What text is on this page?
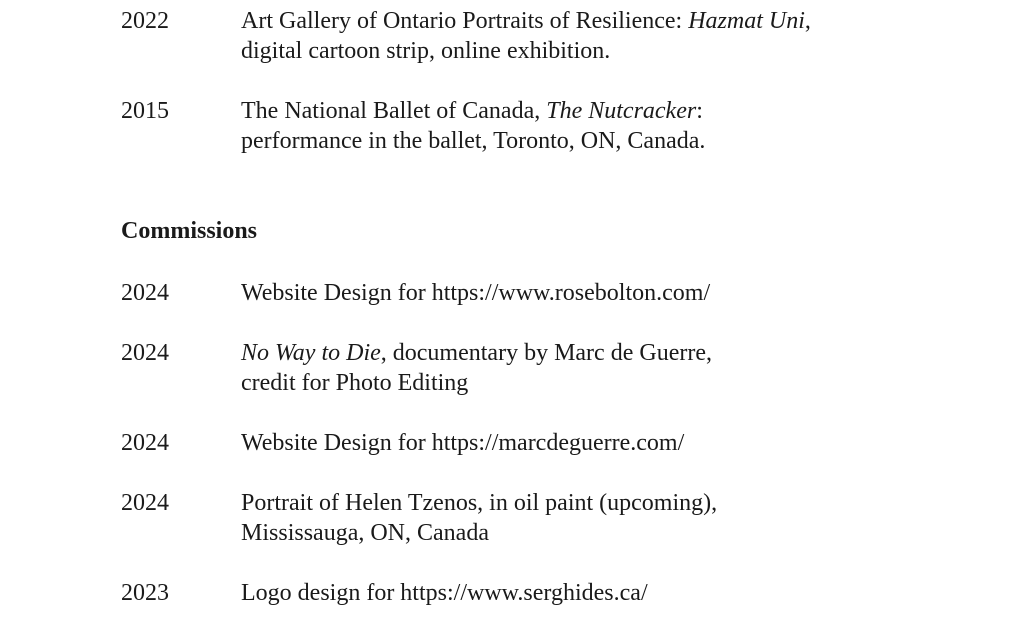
2022	Art Gallery of Ontario Portraits of Resilience: Hazmat Uni,
digital cartoon strip, online exhibition.
2015	The National Ballet of Canada, The Nutcracker:
performance in the ballet, Toronto, ON, Canada.
Commissions
2024	Website Design for https://www.rosebolton.com/
2024	No Way to Die, documentary by Marc de Guerre,
credit for Photo Editing
2024	Website Design for https://marcdeguerre.com/
2024	Portrait of Helen Tzenos, in oil paint (upcoming),
Mississauga, ON, Canada
2023	Logo design for https://www.serghides.ca/
